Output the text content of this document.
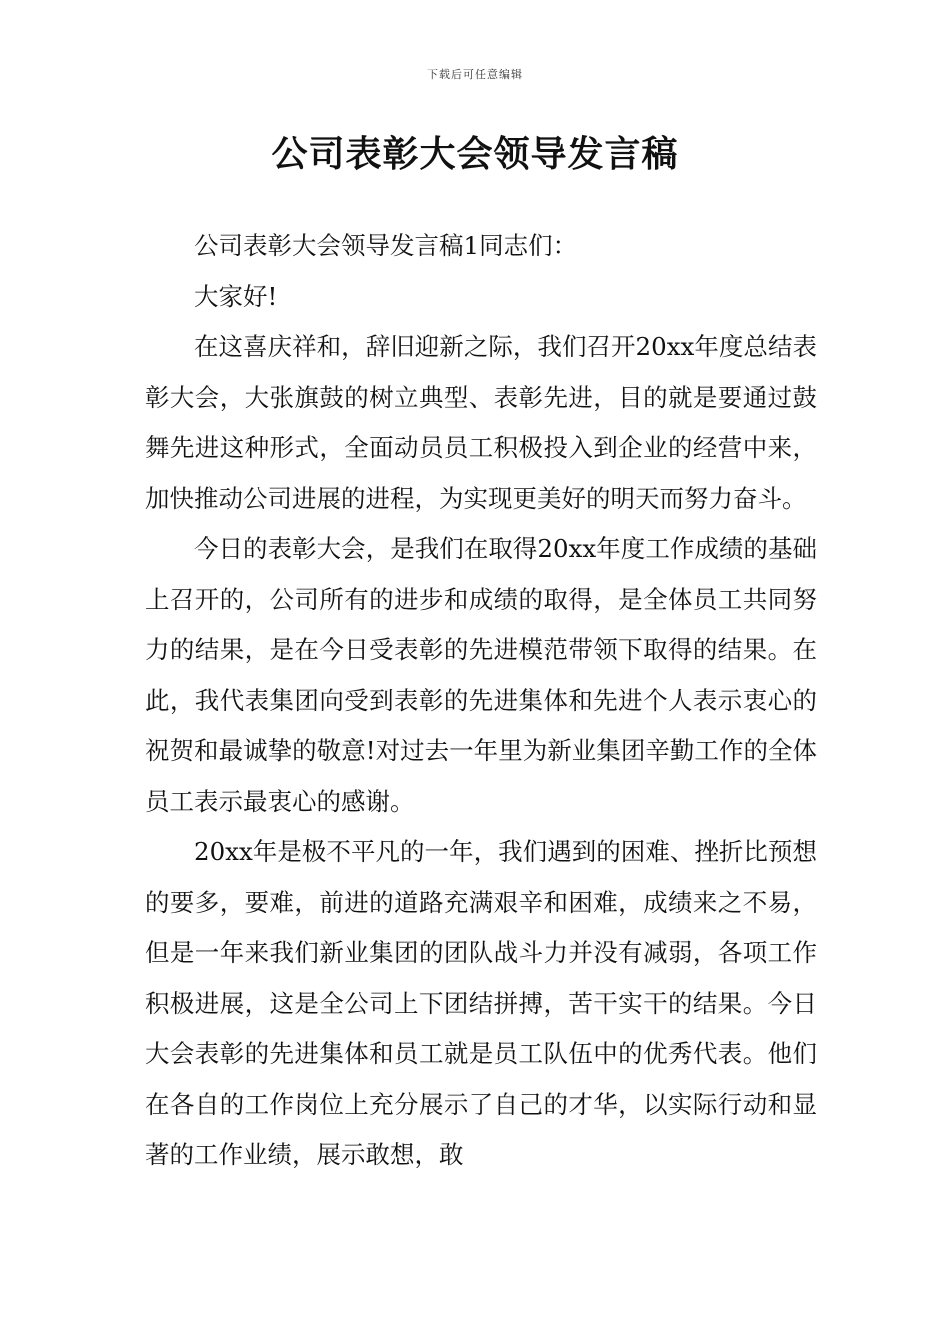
下载后可任意编辑
公司表彰大会领导发言稿

公司表彰大会领导发言稿1同志们：

大家好!

在这喜庆祥和，辞旧迎新之际，我们召开20xx年度总结表彰大会，大张旗鼓的树立典型、表彰先进，目的就是要通过鼓舞先进这种形式，全面动员员工积极投入到企业的经营中来，加快推动公司进展的进程，为实现更美好的明天而努力奋斗。

今日的表彰大会，是我们在取得20xx年度工作成绩的基础上召开的，公司所有的进步和成绩的取得，是全体员工共同努力的结果，是在今日受表彰的先进模范带领下取得的结果。在此，我代表集团向受到表彰的先进集体和先进个人表示衷心的祝贺和最诚挚的敬意!对过去一年里为新业集团辛勤工作的全体员工表示最衷心的感谢。

20xx年是极不平凡的一年，我们遇到的困难、挫折比预想的要多，要难，前进的道路充满艰辛和困难，成绩来之不易，但是一年来我们新业集团的团队战斗力并没有减弱，各项工作积极进展，这是全公司上下团结拼搏，苦干实干的结果。今日大会表彰的先进集体和员工就是员工队伍中的优秀代表。他们在各自的工作岗位上充分展示了自己的才华，以实际行动和显著的工作业绩，展示敢想，敢
